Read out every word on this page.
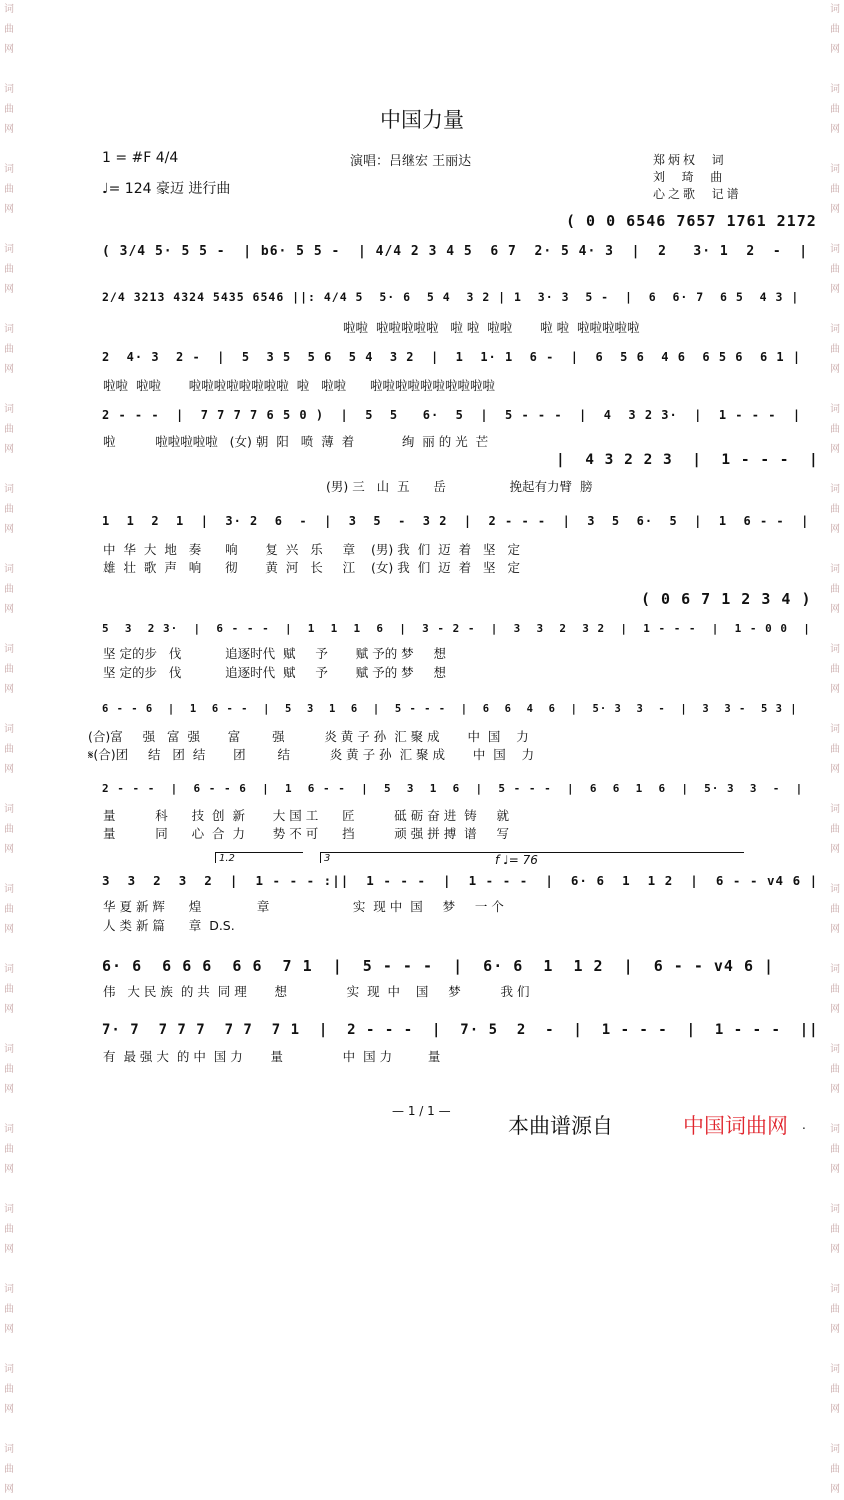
词
曲
网

词
曲
网

词
曲
网

词
曲
网

词
曲
网

词
曲
网

词
曲
网

词
曲
网

词
曲
网

词
曲
网

词
曲
网

词
曲
网

词
曲
网

词
曲
网

词
曲
网

词
曲
网

词
曲
网

词
曲
网

词
曲
网
词
曲
网

词
曲
网

词
曲
网

词
曲
网

词
曲
网

词
曲
网

词
曲
网

词
曲
网

词
曲
网

词
曲
网

词
曲
网

词
曲
网

词
曲
网

词
曲
网

词
曲
网

词
曲
网

词
曲
网

词
曲
网

词
曲
网
中国力量
1 = #F 4/4
♩= 124 豪迈 进行曲
演唱：吕继宏 王丽达	郑炳权  词
刘  琦  曲
心之歌  记谱
( 0 0 6546 7657 1761 2172
( 3/4 5· 5 5 -  | b6· 5 5 -  | 4/4 2 3 4 5  6 7  2· 5 4· 3  |  2   3· 1  2  -  |
2/4 3213 4324 5435 6546 ||: 4/4 5  5· 6  5 4  3 2 | 1  3· 3  5 -  |  6  6· 7  6 5  4 3 |
啦啦  啦啦啦啦啦   啦 啦  啦啦       啦 啦  啦啦啦啦啦
2  4· 3  2 -  |  5  3 5  5 6  5 4  3 2  |  1  1· 1  6 -  |  6  5 6  4 6  6 5 6  6 1 |
啦啦  啦啦       啦啦啦啦啦啦啦啦  啦   啦啦      啦啦啦啦啦啦啦啦啦啦
2 - - -  |  7 7 7 7 6 5 0 )  |  5  5   6·  5  |  5 - - -  |  4  3 2 3·  |  1 - - -  |
啦          啦啦啦啦啦   (女) 朝  阳   喷  薄  着            绚  丽 的 光  芒
|  4 3 2 2 3  |  1 - - -  |
(男) 三   山  五      岳                挽起有力臂  膀
1  1  2  1  |  3· 2  6  -  |  3  5  -  3 2  |  2 - - -  |  3  5  6·  5  |  1  6 - -  |
中  华  大  地   奏      响       复  兴   乐     章    (男) 我  们  迈  着   坚   定
雄  壮  歌  声   响      彻       黄  河   长     江    (女) 我  们  迈  着   坚   定
( 0 6 7 1 2 3 4 )
5  3  2 3·  |  6 - - -  |  1  1  1  6  |  3 - 2 -  |  3  3  2  3 2  |  1 - - -  |  1 - 0 0  |
坚 定的步   伐           追逐时代  赋     予       赋 予的 梦     想
坚 定的步   伐           追逐时代  赋     予       赋 予的 梦     想
6 - - 6  |  1  6 - -  |  5  3  1  6  |  5 - - -  |  6  6  4  6  |  5· 3  3  -  |  3  3 -  5 3 |
(合)富     强   富  强       富        强          炎 黄 子 孙  汇 聚 成       中  国    力
𝄋(合)团     结   团  结       团        结          炎 黄 子 孙  汇 聚 成       中  国    力
2 - - -  |  6 - - 6  |  1  6 - -  |  5  3  1  6  |  5 - - -  |  6  6  1  6  |  5· 3  3  -  |
量          科      技  创  新       大 国 工      匠          砥 砺 奋 进  铸     就
量          同      心  合  力       势 不 可      挡          顽 强 拼 搏  谱     写
3  3  2  3  2  |  1 - - - :||  1 - - -  |  1 - - -  |  6· 6  1  1 2  |  6 - - v4 6 |
华 夏 新 辉      煌              章                     实  现 中  国     梦     一 个
人 类 新 篇      章  D.S.
6· 6  6 6 6  6 6  7 1  |  5 - - -  |  6· 6  1  1 2  |  6 - - v4 6 |
伟   大 民 族  的 共  同 理       想               实  现  中    国     梦          我 们
7· 7  7 7 7  7 7  7 1  |  2 - - -  |  7· 5  2  -  |  1 - - -  |  1 - - -  ||
有  最 强 大  的 中  国 力       量               中  国 力         量
1.2	3	f ♩= 76
— 1 / 1 —
本曲谱源自	中国词曲网 .
